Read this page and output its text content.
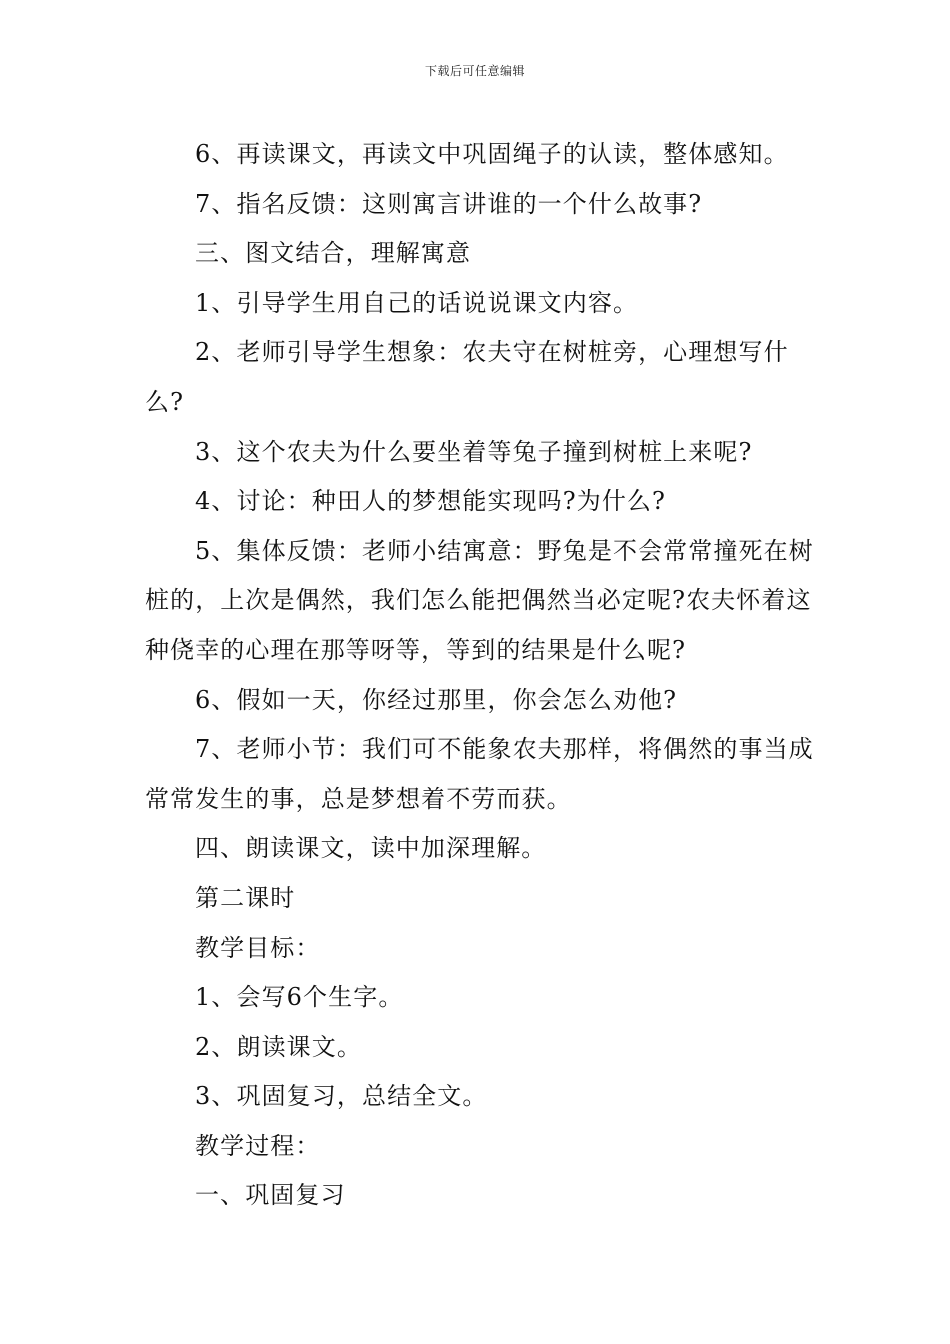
下载后可任意编辑

6、再读课文，再读文中巩固绳子的认读，整体感知。

7、指名反馈：这则寓言讲谁的一个什么故事?

三、图文结合，理解寓意

1、引导学生用自己的话说说课文内容。

2、老师引导学生想象：农夫守在树桩旁，心理想写什么?

3、这个农夫为什么要坐着等兔子撞到树桩上来呢?

4、讨论：种田人的梦想能实现吗?为什么?

5、集体反馈：老师小结寓意：野兔是不会常常撞死在树桩的，上次是偶然，我们怎么能把偶然当必定呢?农夫怀着这种侥幸的心理在那等呀等，等到的结果是什么呢?

6、假如一天，你经过那里，你会怎么劝他?

7、老师小节：我们可不能象农夫那样，将偶然的事当成常常发生的事，总是梦想着不劳而获。

四、朗读课文，读中加深理解。

第二课时

教学目标：

1、会写6个生字。

2、朗读课文。

3、巩固复习，总结全文。

教学过程：

一、巩固复习
